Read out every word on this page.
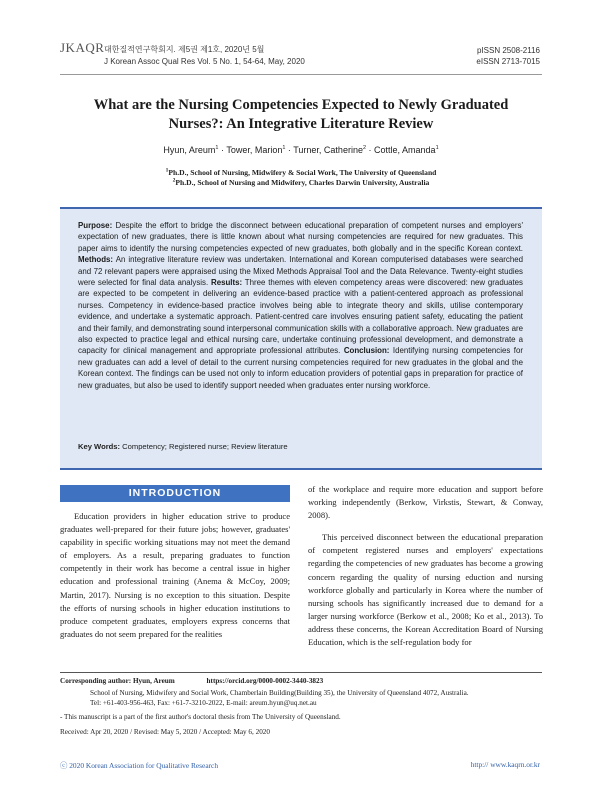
JKAQR 대한질적연구학회지. 제5권 제1호, 2020년 5월
J Korean Assoc Qual Res Vol. 5 No. 1, 54-64, May, 2020
pISSN 2508-2116
eISSN 2713-7015
What are the Nursing Competencies Expected to Newly Graduated
Nurses?: An Integrative Literature Review
Hyun, Areum$^1$ · Tower, Marion$^1$ · Turner, Catherine$^2$ · Cottle, Amanda$^1$
$^1$Ph.D., School of Nursing, Midwifery & Social Work, The University of Queensland
$^2$Ph.D., School of Nursing and Midwifery, Charles Darwin University, Australia
Purpose: Despite the effort to bridge the disconnect between educational preparation of competent nurses and employers' expectation of new graduates, there is little known about what nursing competencies are required for new graduates. This paper aims to identify the nursing competencies expected of new graduates, both globally and in the specific Korean context. Methods: An integrative literature review was undertaken. International and Korean computerised databases were searched and 72 relevant papers were appraised using the Mixed Methods Appraisal Tool and the Data Relevance. Twenty-eight studies were selected for final data analysis. Results: Three themes with eleven competency areas were discovered: new graduates are expected to be competent in delivering an evidence-based practice with a patient-centered approach as professional nurses. Competency in evidence-based practice involves being able to integrate theory and skills, utilise contemporary evidence, and undertake a systematic approach. Patient-centred care involves ensuring patient safety, educating the patient and their family, and demonstrating sound interpersonal communication skills with a collaborative approach. New graduates are also expected to practice legal and ethical nursing care, undertake continuing professional development, and demonstrate a capacity for clinical management and appropriate professional attributes. Conclusion: Identifying nursing competencies for new graduates can add a level of detail to the current nursing competencies required for new graduates in the global and the Korean context. The findings can be used not only to inform education providers of potential gaps in preparation for practice of new graduates, but also be used to identify support needed when graduates enter nursing workforce.
Key Words: Competency; Registered nurse; Review literature
INTRODUCTION

Education providers in higher education strive to produce graduates well-prepared for their future jobs; however, graduates' capability in specific working situations may not meet the demand of employers. As a result, preparing graduates to function competently in their work has become a central issue in higher education and professional training (Anema & McCoy, 2009; Martin, 2017). Nursing is no exception to this situation. Despite the efforts of nursing schools in higher education institutions to produce competent graduates, employers express concerns that graduates do not seem prepared for the realities

of the workplace and require more education and support before working independently (Berkow, Virkstis, Stewart, & Conway, 2008).

This perceived disconnect between the educational preparation of competent registered nurses and employers' expectations regarding the competencies of new graduates has become a growing concern regarding the quality of nursing eduction and nursing workforce globally and particularly in Korea where the number of nursing schools has significantly increased due to demand for a larger nursing workforce (Berkow et al., 2008; Ko et al., 2013). To address these concerns, the Korean Accreditation Board of Nursing Education, which is the self-regulation body for

Corresponding author: Hyun, Areum	https://orcid.org/0000-0002-3440-3823
School of Nursing, Midwifery and Social Work, Chamberlain Building(Building 35), the University of Queensland 4072, Australia.
Tel: +61-403-956-463, Fax: +61-7-3210-2022, E-mail: areum.hyun@uq.net.au
- This manuscript is a part of the first author's doctoral thesis from The University of Queensland.
Received: Apr 20, 2020 / Revised: May 5, 2020 / Accepted: May 6, 2020
ⓒ 2020 Korean Association for Qualitative Research	http:// www.kaqrn.or.kr
